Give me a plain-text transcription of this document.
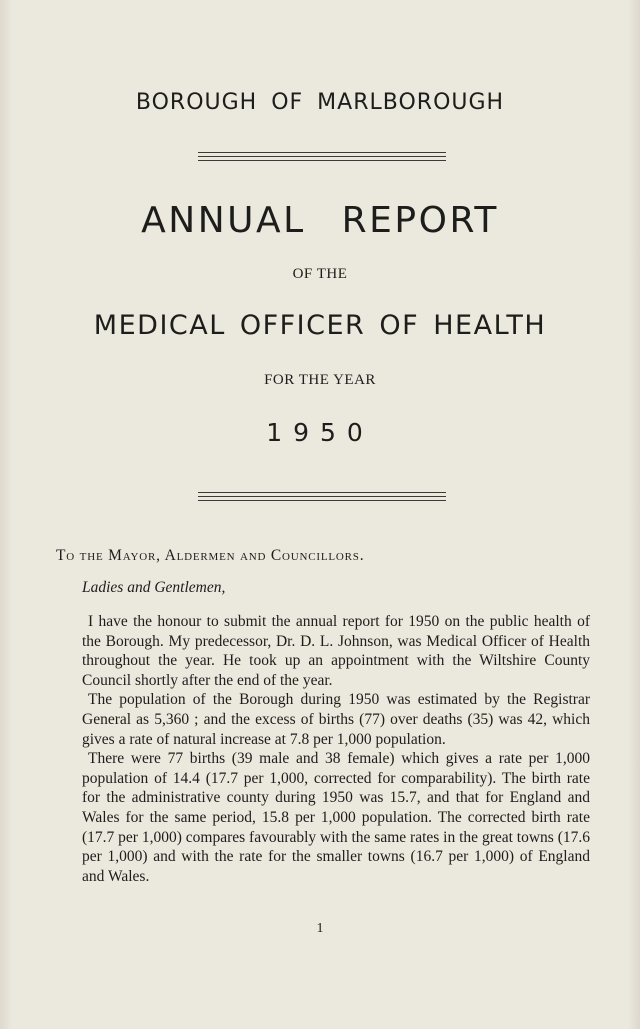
BOROUGH OF MARLBOROUGH
ANNUAL REPORT
OF THE
MEDICAL OFFICER OF HEALTH
FOR THE YEAR
1950
To the Mayor, Aldermen and Councillors.
Ladies and Gentlemen,

I have the honour to submit the annual report for 1950 on the public health of the Borough. My predecessor, Dr. D. L. Johnson, was Medical Officer of Health throughout the year. He took up an appointment with the Wiltshire County Council shortly after the end of the year.

The population of the Borough during 1950 was estimated by the Registrar General as 5,360 ; and the excess of births (77) over deaths (35) was 42, which gives a rate of natural increase at 7.8 per 1,000 population.

There were 77 births (39 male and 38 female) which gives a rate per 1,000 population of 14.4 (17.7 per 1,000, corrected for comparability). The birth rate for the administrative county during 1950 was 15.7, and that for England and Wales for the same period, 15.8 per 1,000 population. The corrected birth rate (17.7 per 1,000) compares favourably with the same rates in the great towns (17.6 per 1,000) and with the rate for the smaller towns (16.7 per 1,000) of England and Wales.

1
